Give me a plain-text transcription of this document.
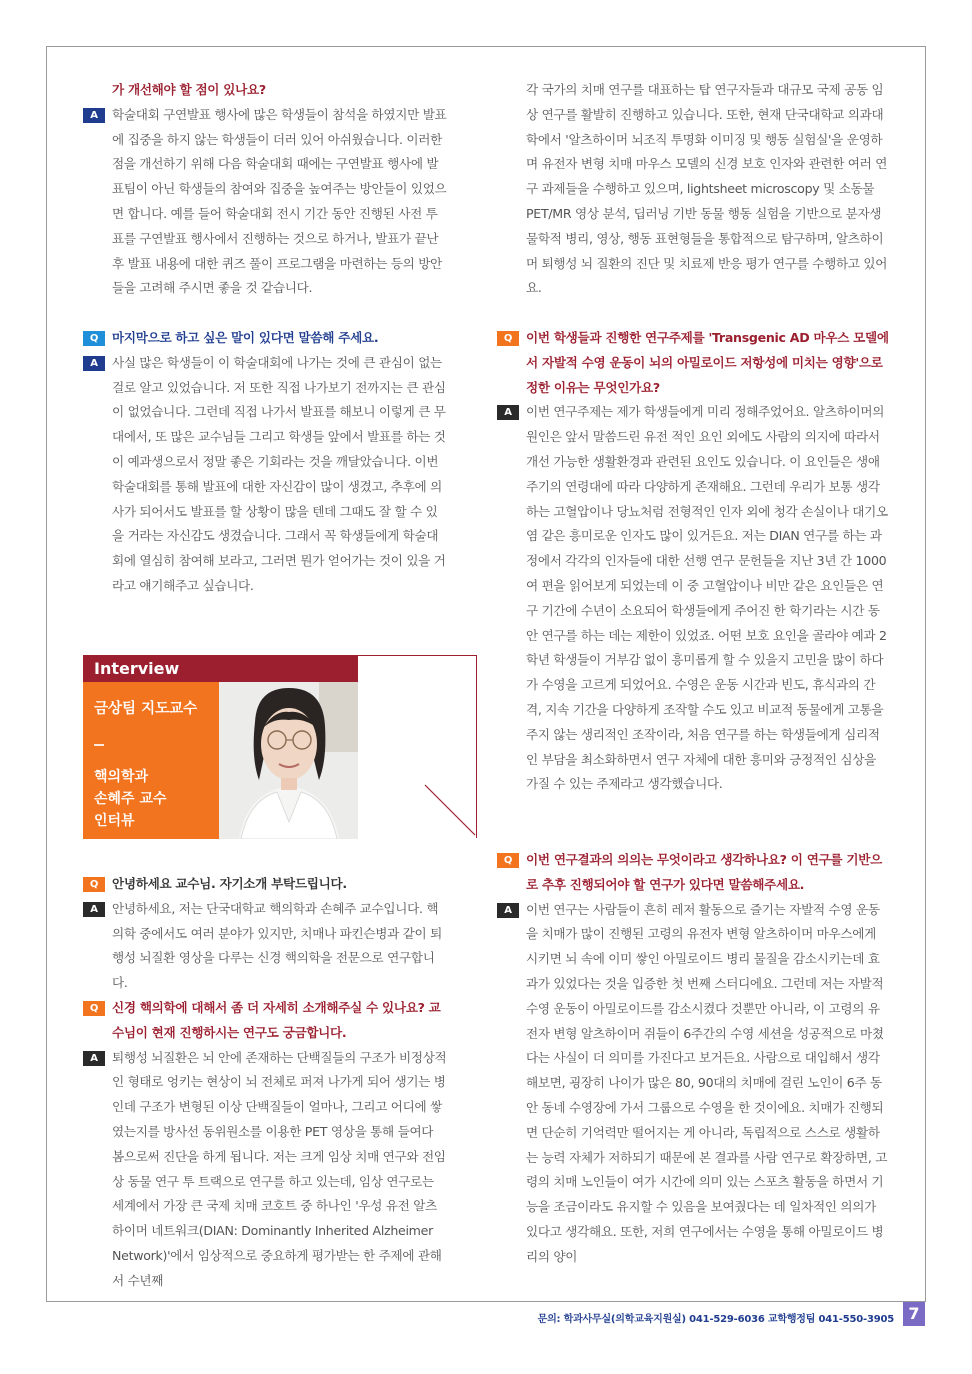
가 개선해야 할 점이 있나요?
A	학술대회 구연발표 행사에 많은 학생들이 참석을 하였지만 발표에 집중을 하지 않는 학생들이 더러 있어 아쉬웠습니다. 이러한 점을 개선하기 위해 다음 학술대회 때에는 구연발표 행사에 발표팀이 아닌 학생들의 참여와 집중을 높여주는 방안들이 있었으면 합니다. 예를 들어 학술대회 전시 기간 동안 진행된 사전 투표를 구연발표 행사에서 진행하는 것으로 하거나, 발표가 끝난 후 발표 내용에 대한 퀴즈 풀이 프로그램을 마련하는 등의 방안들을 고려해 주시면 좋을 것 같습니다.
Q	마지막으로 하고 싶은 말이 있다면 말씀해 주세요.
A	사실 많은 학생들이 이 학술대회에 나가는 것에 큰 관심이 없는 걸로 알고 있었습니다. 저 또한 직접 나가보기 전까지는 큰 관심이 없었습니다. 그런데 직접 나가서 발표를 해보니 이렇게 큰 무대에서, 또 많은 교수님들 그리고 학생들 앞에서 발표를 하는 것이 예과생으로서 정말 좋은 기회라는 것을 깨달았습니다. 이번 학술대회를 통해 발표에 대한 자신감이 많이 생겼고, 추후에 의사가 되어서도 발표를 할 상황이 많을 텐데 그때도 잘 할 수 있을 거라는 자신감도 생겼습니다. 그래서 꼭 학생들에게 학술대회에 열심히 참여해 보라고, 그러면 뭔가 얻어가는 것이 있을 거라고 얘기해주고 싶습니다.
Q	안녕하세요 교수님. 자기소개 부탁드립니다.
A	안녕하세요, 저는 단국대학교 핵의학과 손혜주 교수입니다. 핵의학 중에서도 여러 분야가 있지만, 치매나 파킨슨병과 같이 퇴행성 뇌질환 영상을 다루는 신경 핵의학을 전문으로 연구합니다.
Q	신경 핵의학에 대해서 좀 더 자세히 소개해주실 수 있나요? 교수님이 현재 진행하시는 연구도 궁금합니다.
A	퇴행성 뇌질환은 뇌 안에 존재하는 단백질들의 구조가 비정상적인 형태로 엉키는 현상이 뇌 전체로 퍼져 나가게 되어 생기는 병인데 구조가 변형된 이상 단백질들이 얼마나, 그리고 어디에 쌓였는지를 방사선 동위원소를 이용한 PET 영상을 통해 들여다 봄으로써 진단을 하게 됩니다. 저는 크게 임상 치매 연구와 전임상 동물 연구 투 트랙으로 연구를 하고 있는데, 임상 연구로는 세계에서 가장 큰 국제 치매 코호트 중 하나인 '우성 유전 알츠하이머 네트워크(DIAN: Dominantly Inherited Alzheimer Network)'에서 임상적으로 중요하게 평가받는 한 주제에 관해서 수년째
Interview
금상팀 지도교수
핵의학과
손혜주 교수
인터뷰
각 국가의 치매 연구를 대표하는 탑 연구자들과 대규모 국제 공동 임상 연구를 활발히 진행하고 있습니다. 또한, 현재 단국대학교 의과대학에서 '알츠하이머 뇌조직 투명화 이미징 및 행동 실험실'을 운영하며 유전자 변형 치매 마우스 모델의 신경 보호 인자와 관련한 여러 연구 과제들을 수행하고 있으며, lightsheet microscopy 및 소동물 PET/MR 영상 분석, 딥러닝 기반 동물 행동 실험을 기반으로 분자생물학적 병리, 영상, 행동 표현형들을 통합적으로 탐구하며, 알츠하이머 퇴행성 뇌 질환의 진단 및 치료제 반응 평가 연구를 수행하고 있어요.
Q	이번 학생들과 진행한 연구주제를 'Transgenic AD 마우스 모델에서 자발적 수영 운동이 뇌의 아밀로이드 저항성에 미치는 영향'으로 정한 이유는 무엇인가요?
A	이번 연구주제는 제가 학생들에게 미리 정해주었어요. 알츠하이머의 원인은 앞서 말씀드린 유전 적인 요인 외에도 사람의 의지에 따라서 개선 가능한 생활환경과 관련된 요인도 있습니다. 이 요인들은 생애 주기의 연령대에 따라 다양하게 존재해요. 그런데 우리가 보통 생각하는 고혈압이나 당뇨처럼 전형적인 인자 외에 청각 손실이나 대기오염 같은 흥미로운 인자도 많이 있거든요. 저는 DIAN 연구를 하는 과정에서 각각의 인자들에 대한 선행 연구 문헌들을 지난 3년 간 1000여 편을 읽어보게 되었는데 이 중 고혈압이나 비만 같은 요인들은 연구 기간에 수년이 소요되어 학생들에게 주어진 한 학기라는 시간 동안 연구를 하는 데는 제한이 있었죠. 어떤 보호 요인을 골라야 예과 2학년 학생들이 거부감 없이 흥미롭게 할 수 있을지 고민을 많이 하다가 수영을 고르게 되었어요. 수영은 운동 시간과 빈도, 휴식과의 간격, 지속 기간을 다양하게 조작할 수도 있고 비교적 동물에게 고통을 주지 않는 생리적인 조작이라, 처음 연구를 하는 학생들에게 심리적인 부담을 최소화하면서 연구 자체에 대한 흥미와 긍정적인 심상을 가질 수 있는 주제라고 생각했습니다.
Q	이번 연구결과의 의의는 무엇이라고 생각하나요? 이 연구를 기반으로 추후 진행되어야 할 연구가 있다면 말씀해주세요.
A	이번 연구는 사람들이 흔히 레저 활동으로 즐기는 자발적 수영 운동을 치매가 많이 진행된 고령의 유전자 변형 알츠하이머 마우스에게 시키면 뇌 속에 이미 쌓인 아밀로이드 병리 물질을 감소시키는데 효과가 있었다는 것을 입증한 첫 번째 스터디에요. 그런데 저는 자발적 수영 운동이 아밀로이드를 감소시켰다 것뿐만 아니라, 이 고령의 유전자 변형 알츠하이머 쥐들이 6주간의 수영 세션을 성공적으로 마쳤다는 사실이 더 의미를 가진다고 보거든요. 사람으로 대입해서 생각해보면, 굉장히 나이가 많은 80, 90대의 치매에 걸린 노인이 6주 동안 동네 수영장에 가서 그룹으로 수영을 한 것이에요. 치매가 진행되면 단순히 기억력만 떨어지는 게 아니라, 독립적으로 스스로 생활하는 능력 자체가 저하되기 때문에 본 결과를 사람 연구로 확장하면, 고령의 치매 노인들이 여가 시간에 의미 있는 스포츠 활동을 하면서 기능을 조금이라도 유지할 수 있음을 보여줬다는 데 일차적인 의의가 있다고 생각해요. 또한, 저희 연구에서는 수영을 통해 아밀로이드 병리의 양이
문의: 학과사무실(의학교육지원실) 041-529-6036 교학행정팀 041-550-3905 7
